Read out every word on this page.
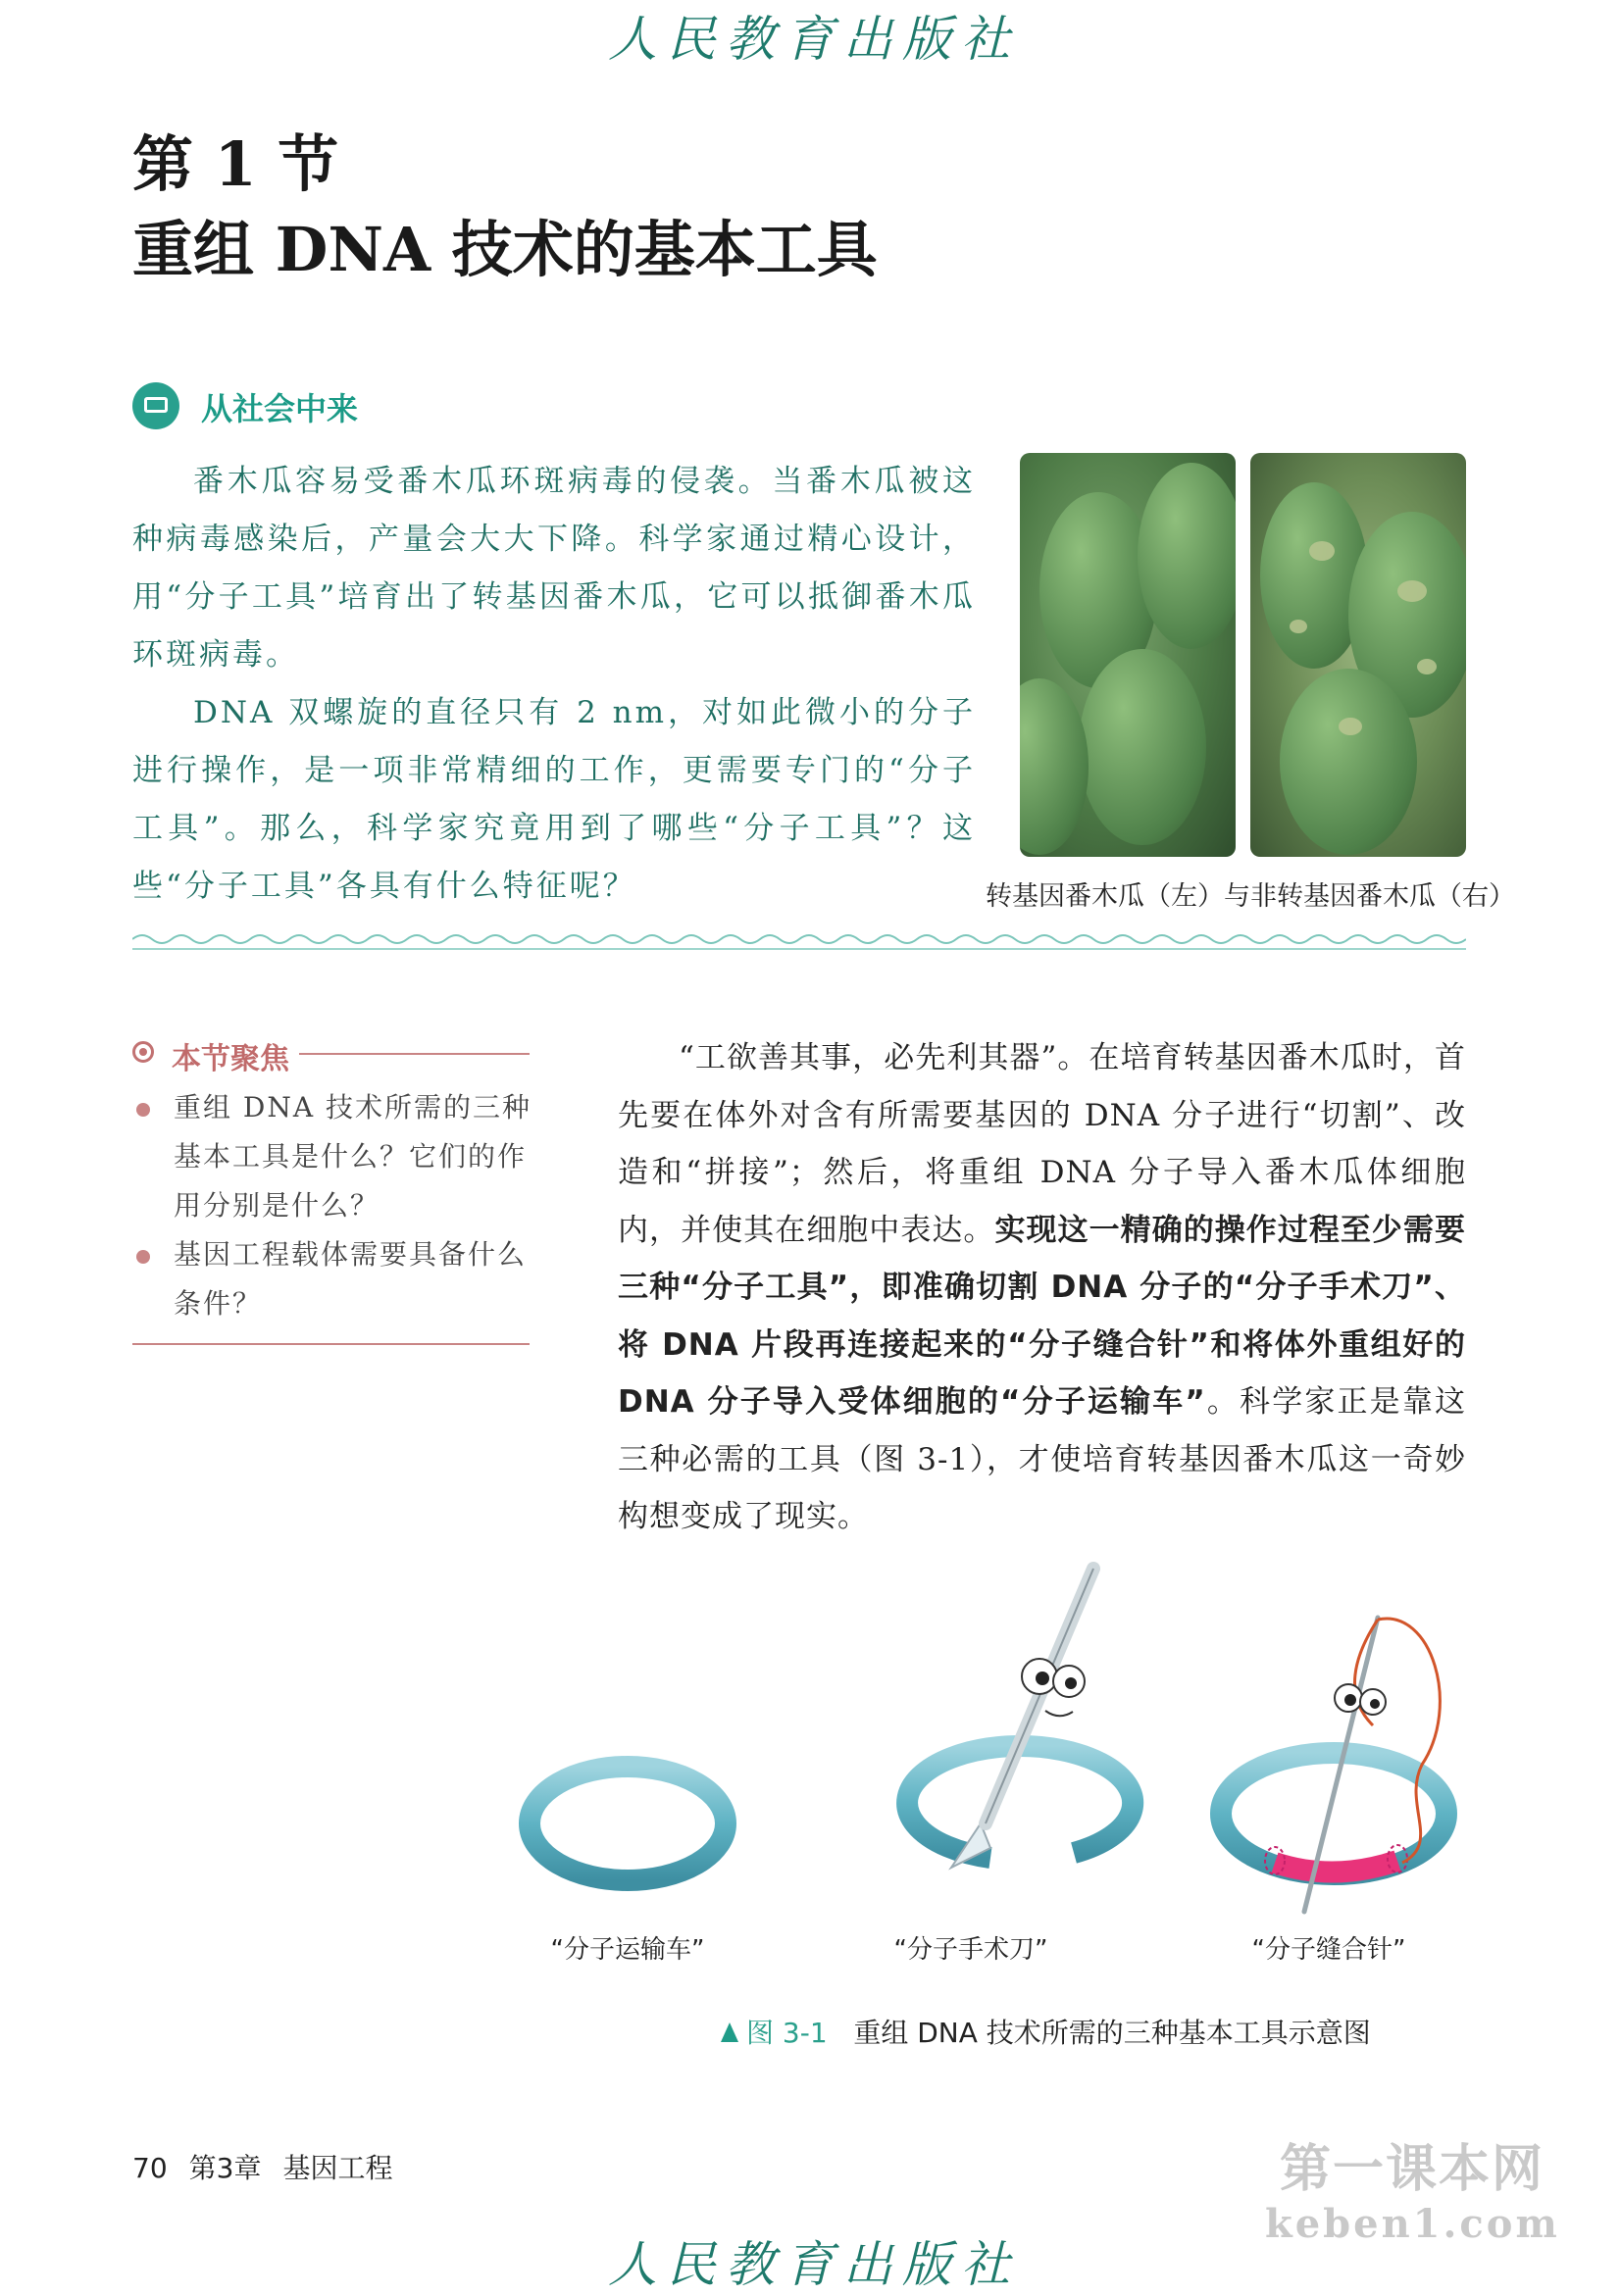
人民教育出版社
第 1 节
重组 DNA 技术的基本工具
从社会中来

番木瓜容易受番木瓜环斑病毒的侵袭。当番木瓜被这种病毒感染后，产量会大大下降。科学家通过精心设计，用“分子工具”培育出了转基因番木瓜，它可以抵御番木瓜环斑病毒。

DNA 双螺旋的直径只有 2 nm，对如此微小的分子进行操作，是一项非常精细的工作，更需要专门的“分子工具”。那么，科学家究竟用到了哪些“分子工具”？这些“分子工具”各具有什么特征呢？	转基因番木瓜（左）与非转基因番木瓜（右）
本节聚焦
重组 DNA 技术所需的三种基本工具是什么？它们的作用分别是什么？
基因工程载体需要具备什么条件？
“工欲善其事，必先利其器”。在培育转基因番木瓜时，首先要在体外对含有所需要基因的 DNA 分子进行“切割”、改造和“拼接”；然后，将重组 DNA 分子导入番木瓜体细胞内，并使其在细胞中表达。实现这一精确的操作过程至少需要三种“分子工具”，即准确切割 DNA 分子的“分子手术刀”、将 DNA 片段再连接起来的“分子缝合针”和将体外重组好的 DNA 分子导入受体细胞的“分子运输车”。科学家正是靠这三种必需的工具（图 3-1），才使培育转基因番木瓜这一奇妙构想变成了现实。
“分子运输车”	“分子手术刀”	“分子缝合针”
图 3-1 重组 DNA 技术所需的三种基本工具示意图
70 第3章 基因工程	第一课本网
keben1.com
人民教育出版社
